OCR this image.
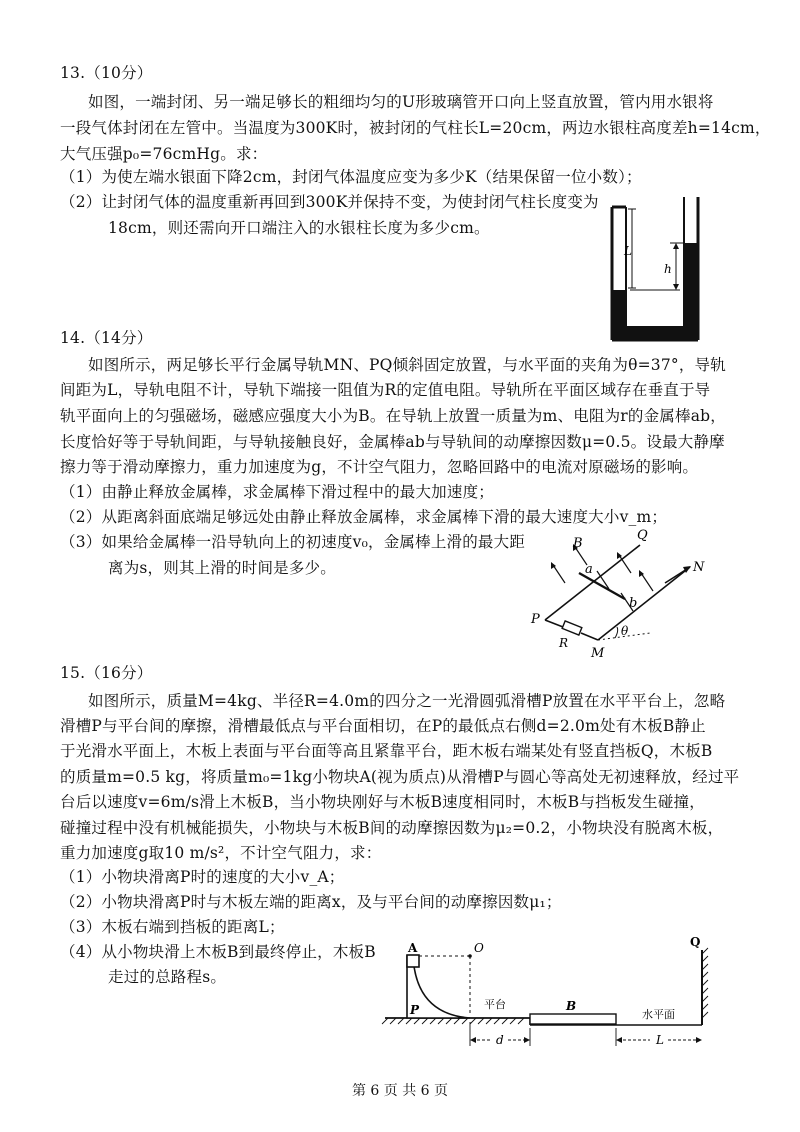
13.（10分）
如图，一端封闭、另一端足够长的粗细均匀的U形玻璃管开口向上竖直放置，管内用水银将
一段气体封闭在左管中。当温度为300K时，被封闭的气柱长L=20cm，两边水银柱高度差h=14cm，
大气压强p₀=76cmHg。求：
（1）为使左端水银面下降2cm，封闭气体温度应变为多少K（结果保留一位小数）；
（2）让封闭气体的温度重新再回到300K并保持不变，为使封闭气柱长度变为
18cm，则还需向开口端注入的水银柱长度为多少cm。
L
h
14.（14分）
如图所示，两足够长平行金属导轨MN、PQ倾斜固定放置，与水平面的夹角为θ=37°，导轨
间距为L，导轨电阻不计，导轨下端接一阻值为R的定值电阻。导轨所在平面区域存在垂直于导
轨平面向上的匀强磁场，磁感应强度大小为B。在导轨上放置一质量为m、电阻为r的金属棒ab，
长度恰好等于导轨间距，与导轨接触良好，金属棒ab与导轨间的动摩擦因数μ=0.5。设最大静摩
擦力等于滑动摩擦力，重力加速度为g，不计空气阻力，忽略回路中的电流对原磁场的影响。
（1）由静止释放金属棒，求金属棒下滑过程中的最大加速度；
（2）从距离斜面底端足够远处由静止释放金属棒，求金属棒下滑的最大速度大小v_m；
（3）如果给金属棒一沿导轨向上的初速度v₀，金属棒上滑的最大距
离为s，则其上滑的时间是多少。
B
Q
N
a
b
P
R
M
θ
15.（16分）
如图所示，质量M=4kg、半径R=4.0m的四分之一光滑圆弧滑槽P放置在水平平台上，忽略
滑槽P与平台间的摩擦，滑槽最低点与平台面相切，在P的最低点右侧d=2.0m处有木板B静止
于光滑水平面上，木板上表面与平台面等高且紧靠平台，距木板右端某处有竖直挡板Q，木板B
的质量m=0.5 kg，将质量m₀=1kg小物块A(视为质点)从滑槽P与圆心等高处无初速释放，经过平
台后以速度v=6m/s滑上木板B，当小物块刚好与木板B速度相同时，木板B与挡板发生碰撞，
碰撞过程中没有机械能损失，小物块与木板B间的动摩擦因数为μ₂=0.2，小物块没有脱离木板，
重力加速度g取10 m/s²，不计空气阻力，求：
（1）小物块滑离P时的速度的大小v_A；
（2）小物块滑离P时与木板左端的距离x，及与平台间的动摩擦因数μ₁；
（3）木板右端到挡板的距离L；
（4）从小物块滑上木板B到最终停止，木板B
走过的总路程s。
A	O
P	平台	B
水平面
Q
d	L
第 6 页 共 6 页
